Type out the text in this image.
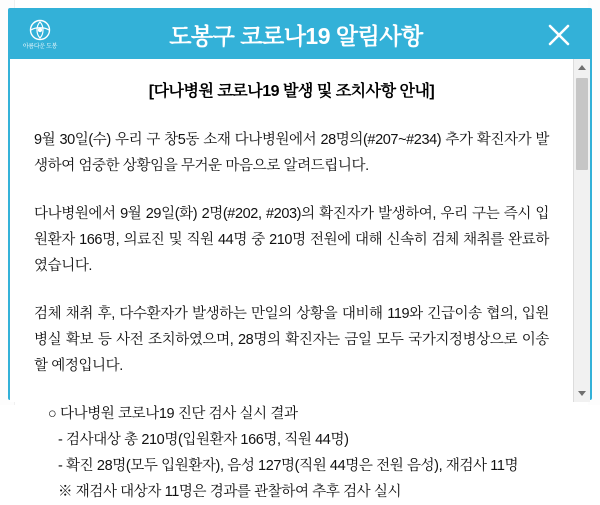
아름다운 도봉	도봉구 코로나19 알림사항
[다나병원 코로나19 발생 및 조치사항 안내]

9월 30일(수) 우리 구 창5동 소재 다나병원에서 28명의(#207~#234) 추가 확진자가 발생하여 엄중한 상황임을 무거운 마음으로 알려드립니다.

다나병원에서 9월 29일(화) 2명(#202, #203)의 확진자가 발생하여, 우리 구는 즉시 입원환자 166명, 의료진 및 직원 44명 중 210명 전원에 대해 신속히 검체 채취를 완료하였습니다.

검체 채취 후, 다수환자가 발생하는 만일의 상황을 대비해 119와 긴급이송 협의, 입원병실 확보 등 사전 조치하였으며, 28명의 확진자는 금일 모두 국가지정병상으로 이송할 예정입니다.

○ 다나병원 코로나19 진단 검사 실시 결과
- 검사대상 총 210명(입원환자 166명, 직원 44명)
- 확진 28명(모두 입원환자), 음성 127명(직원 44명은 전원 음성), 재검사 11명
※ 재검사 대상자 11명은 경과를 관찰하여 추후 검사 실시
